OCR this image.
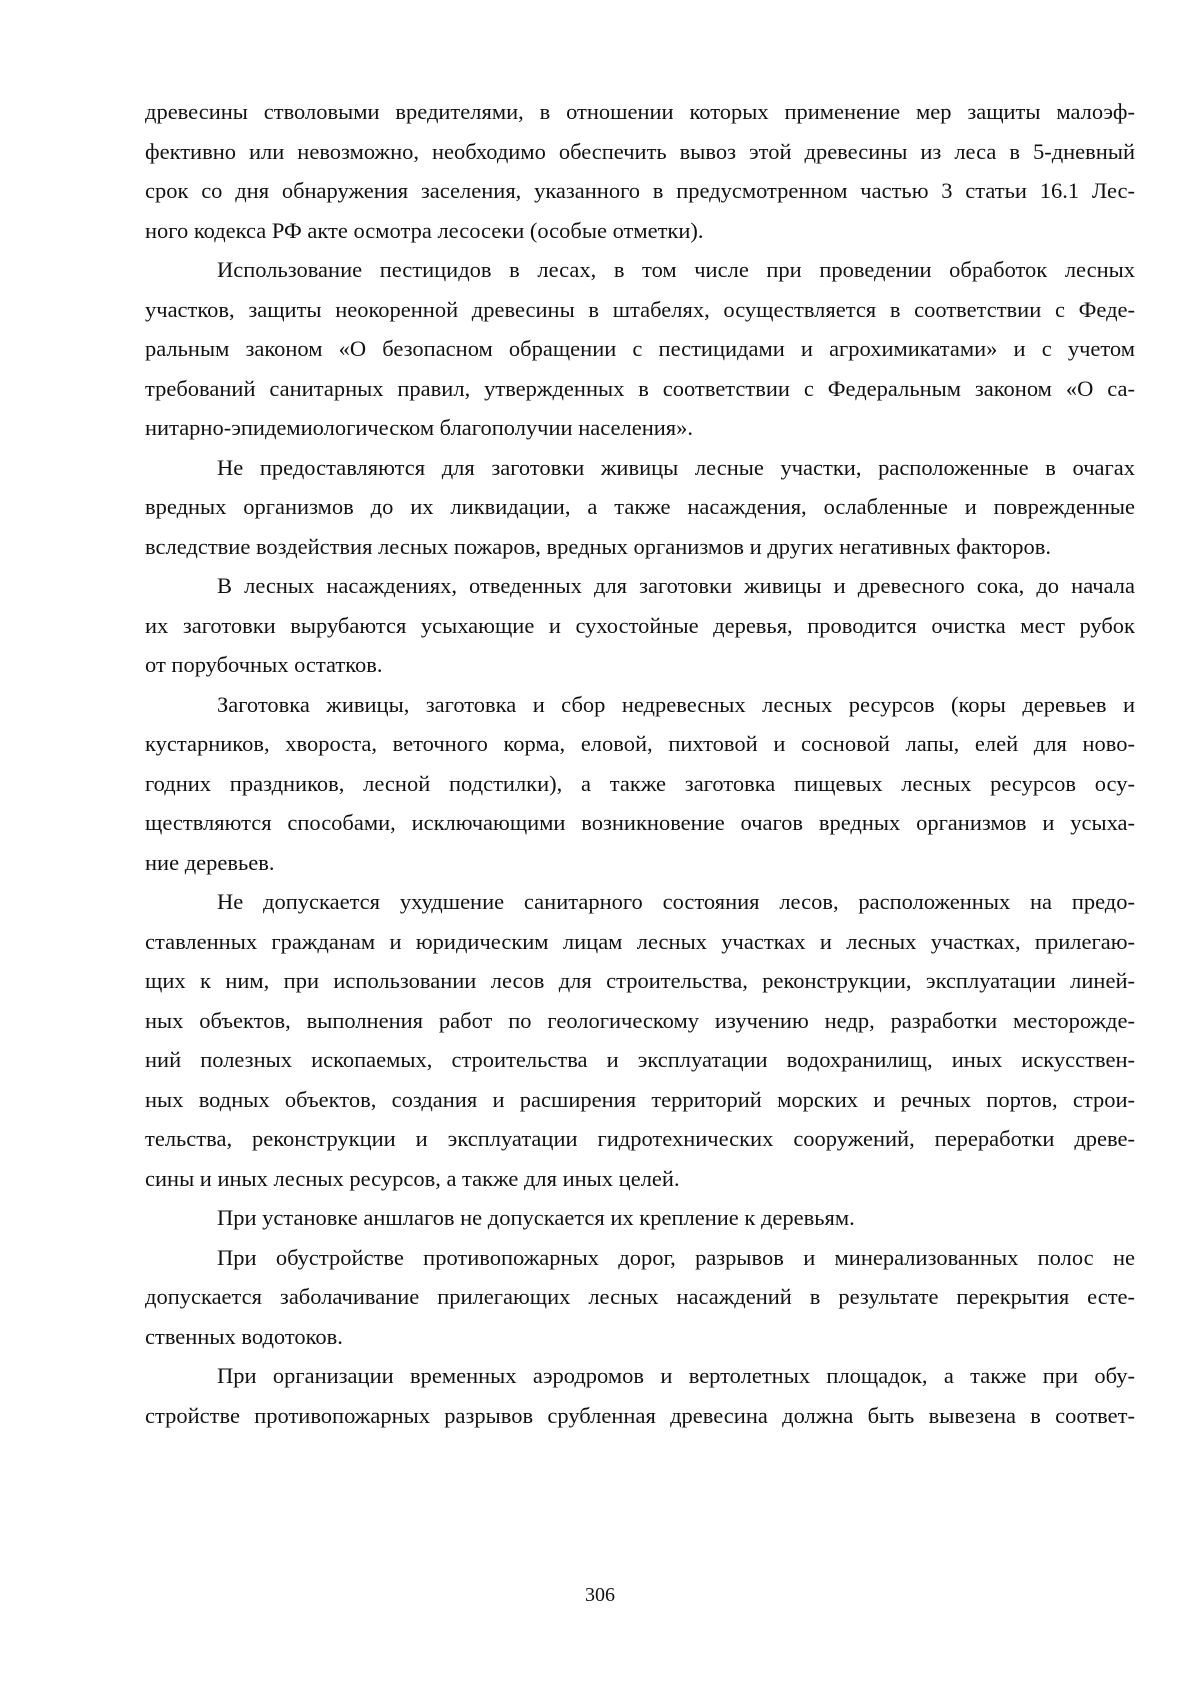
древесины стволовыми вредителями, в отношении которых применение мер защиты малоэф-
фективно или невозможно, необходимо обеспечить вывоз этой древесины из леса в 5-дневный
срок со дня обнаружения заселения, указанного в предусмотренном частью 3 статьи 16.1 Лес-
ного кодекса РФ акте осмотра лесосеки (особые отметки).
Использование пестицидов в лесах, в том числе при проведении обработок лесных
участков, защиты неокоренной древесины в штабелях, осуществляется в соответствии с Феде-
ральным законом «О безопасном обращении с пестицидами и агрохимикатами» и с учетом
требований санитарных правил, утвержденных в соответствии с Федеральным законом «О са-
нитарно-эпидемиологическом благополучии населения».
Не предоставляются для заготовки живицы лесные участки, расположенные в очагах
вредных организмов до их ликвидации, а также насаждения, ослабленные и поврежденные
вследствие воздействия лесных пожаров, вредных организмов и других негативных факторов.
В лесных насаждениях, отведенных для заготовки живицы и древесного сока, до начала
их заготовки вырубаются усыхающие и сухостойные деревья, проводится очистка мест рубок
от порубочных остатков.
Заготовка живицы, заготовка и сбор недревесных лесных ресурсов (коры деревьев и
кустарников, хвороста, веточного корма, еловой, пихтовой и сосновой лапы, елей для ново-
годних праздников, лесной подстилки), а также заготовка пищевых лесных ресурсов осу-
ществляются способами, исключающими возникновение очагов вредных организмов и усыха-
ние деревьев.
Не допускается ухудшение санитарного состояния лесов, расположенных на предо-
ставленных гражданам и юридическим лицам лесных участках и лесных участках, прилегаю-
щих к ним, при использовании лесов для строительства, реконструкции, эксплуатации линей-
ных объектов, выполнения работ по геологическому изучению недр, разработки месторожде-
ний полезных ископаемых, строительства и эксплуатации водохранилищ, иных искусствен-
ных водных объектов, создания и расширения территорий морских и речных портов, строи-
тельства, реконструкции и эксплуатации гидротехнических сооружений, переработки древе-
сины и иных лесных ресурсов, а также для иных целей.
При установке аншлагов не допускается их крепление к деревьям.
При обустройстве противопожарных дорог, разрывов и минерализованных полос не
допускается заболачивание прилегающих лесных насаждений в результате перекрытия есте-
ственных водотоков.
При организации временных аэродромов и вертолетных площадок, а также при обу-
стройстве противопожарных разрывов срубленная древесина должна быть вывезена в соответ-
306
